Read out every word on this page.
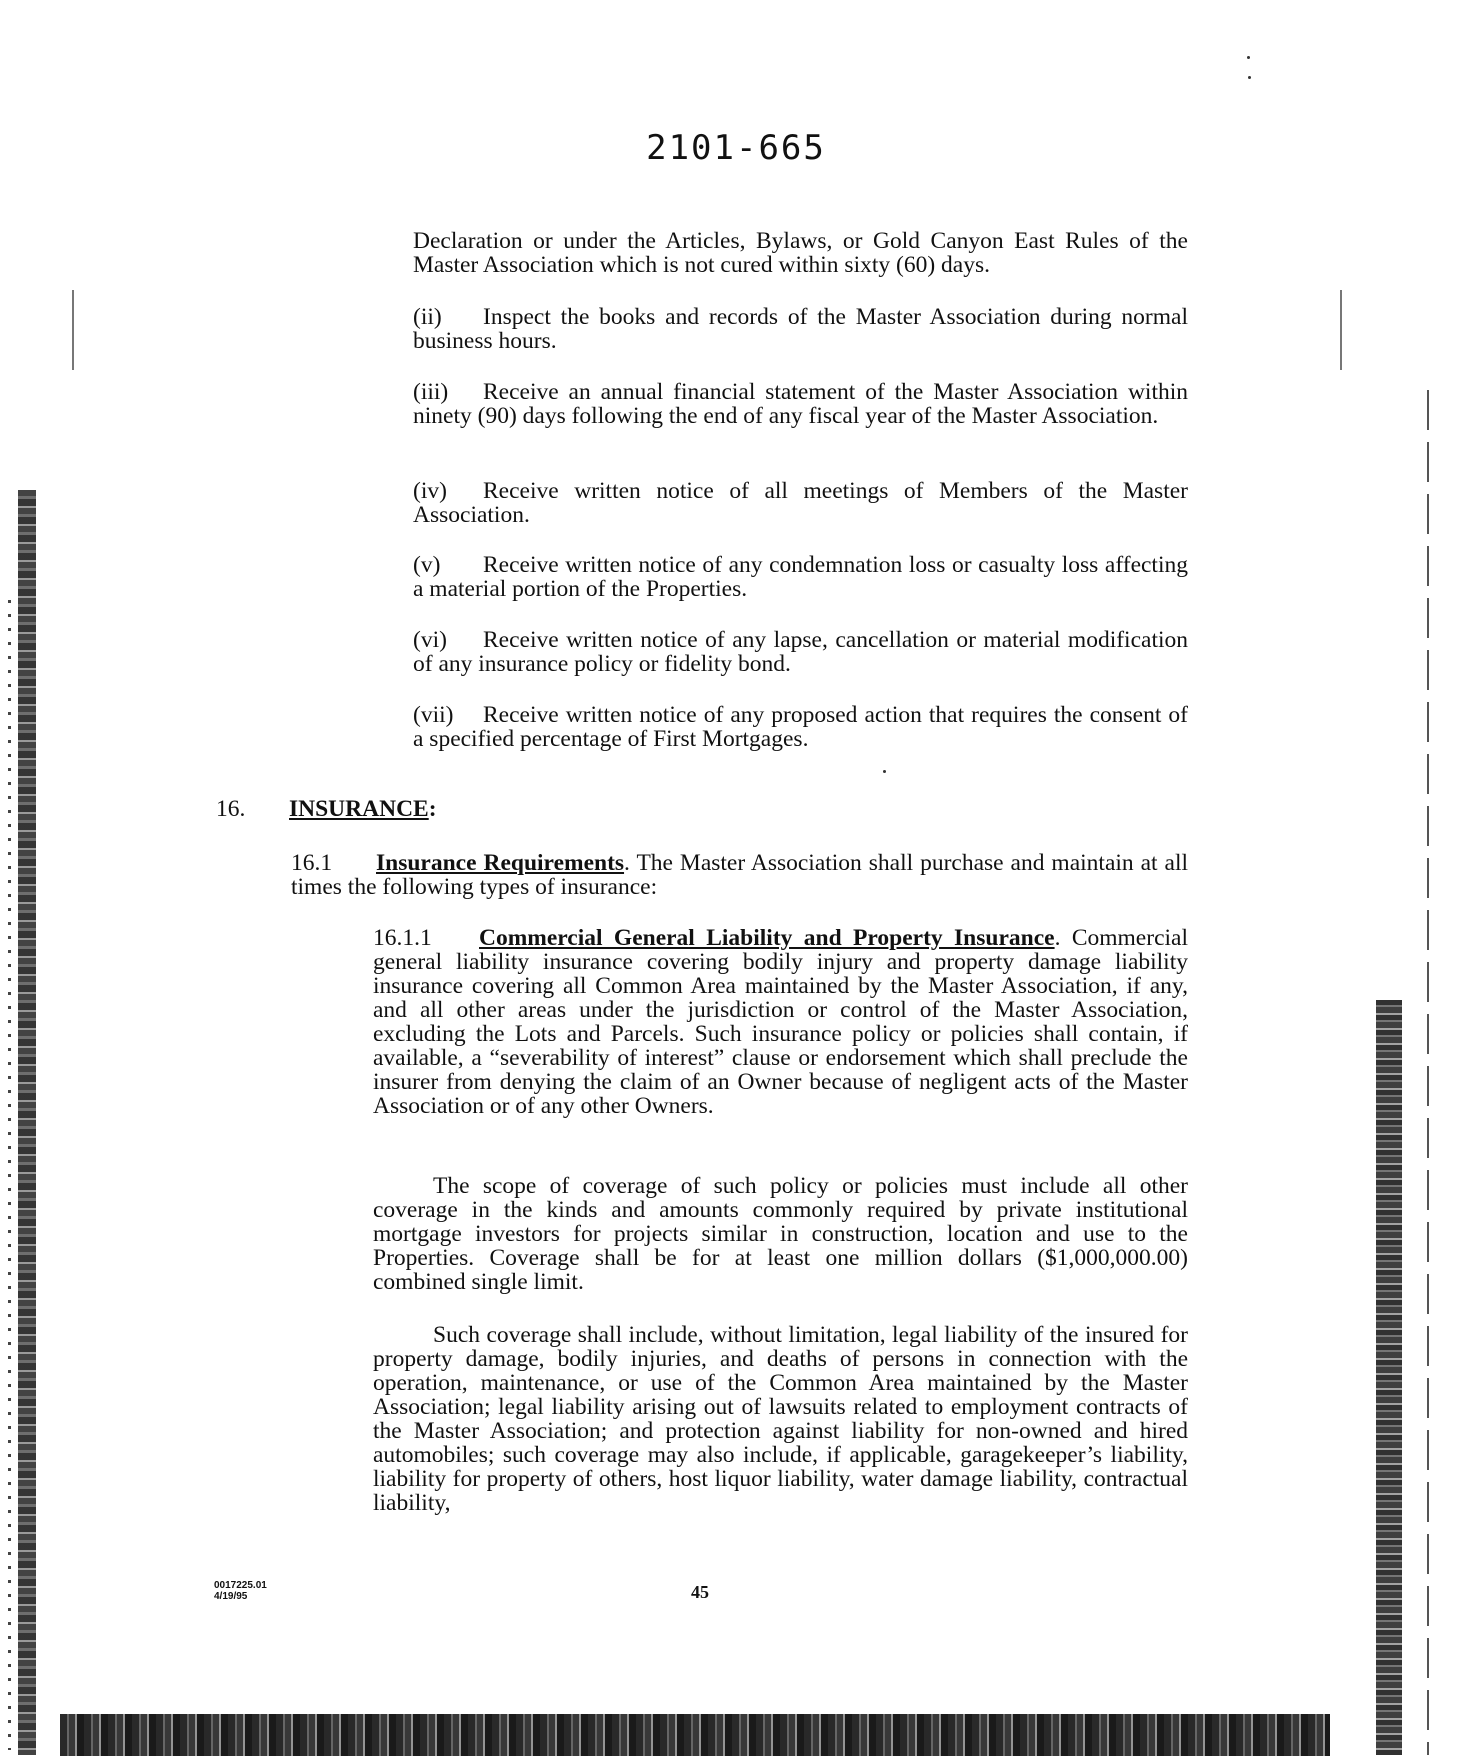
2101-665
Declaration or under the Articles, Bylaws, or Gold Canyon East Rules of the Master Association which is not cured within sixty (60) days.
(ii) Inspect the books and records of the Master Association during normal business hours.
(iii) Receive an annual financial statement of the Master Association within ninety (90) days following the end of any fiscal year of the Master Association.
(iv) Receive written notice of all meetings of Members of the Master Association.
(v) Receive written notice of any condemnation loss or casualty loss affecting a material portion of the Properties.
(vi) Receive written notice of any lapse, cancellation or material modification of any insurance policy or fidelity bond.
(vii) Receive written notice of any proposed action that requires the consent of a specified percentage of First Mortgages.
16. INSURANCE:
16.1 Insurance Requirements. The Master Association shall purchase and maintain at all times the following types of insurance:
16.1.1 Commercial General Liability and Property Insurance. Commercial general liability insurance covering bodily injury and property damage liability insurance covering all Common Area maintained by the Master Association, if any, and all other areas under the jurisdiction or control of the Master Association, excluding the Lots and Parcels. Such insurance policy or policies shall contain, if available, a “severability of interest” clause or endorsement which shall preclude the insurer from denying the claim of an Owner because of negligent acts of the Master Association or of any other Owners.
The scope of coverage of such policy or policies must include all other coverage in the kinds and amounts commonly required by private institutional mortgage investors for projects similar in construction, location and use to the Properties. Coverage shall be for at least one million dollars ($1,000,000.00) combined single limit.
Such coverage shall include, without limitation, legal liability of the insured for property damage, bodily injuries, and deaths of persons in connection with the operation, maintenance, or use of the Common Area maintained by the Master Association; legal liability arising out of lawsuits related to employment contracts of the Master Association; and protection against liability for non-owned and hired automobiles; such coverage may also include, if applicable, garagekeeper’s liability, liability for property of others, host liquor liability, water damage liability, contractual liability,
0017225.01
4/19/95	45
